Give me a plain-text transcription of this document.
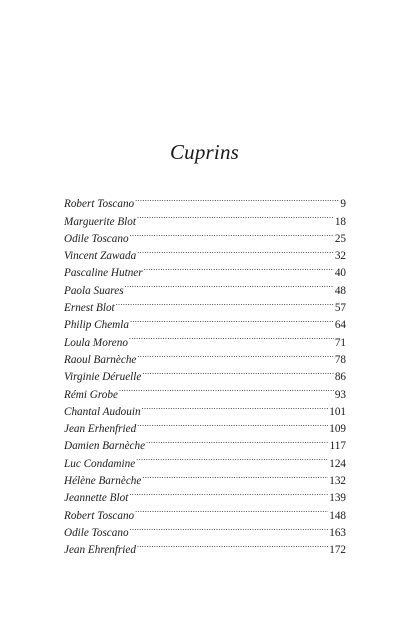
Cuprins
Robert Toscano .....	9
Marguerite Blot .....	18
Odile Toscano .....	25
Vincent Zawada .....	32
Pascaline Hutner .....	40
Paola Suares .....	48
Ernest Blot .....	57
Philip Chemla .....	64
Loula Moreno .....	71
Raoul Barnèche .....	78
Virginie Déruelle .....	86
Rémi Grobe .....	93
Chantal Audouin .....	101
Jean Erhenfried .....	109
Damien Barnèche .....	117
Luc Condamine .....	124
Hélène Barnèche .....	132
Jeannette Blot .....	139
Robert Toscano .....	148
Odile Toscano .....	163
Jean Ehrenfried .....	172
